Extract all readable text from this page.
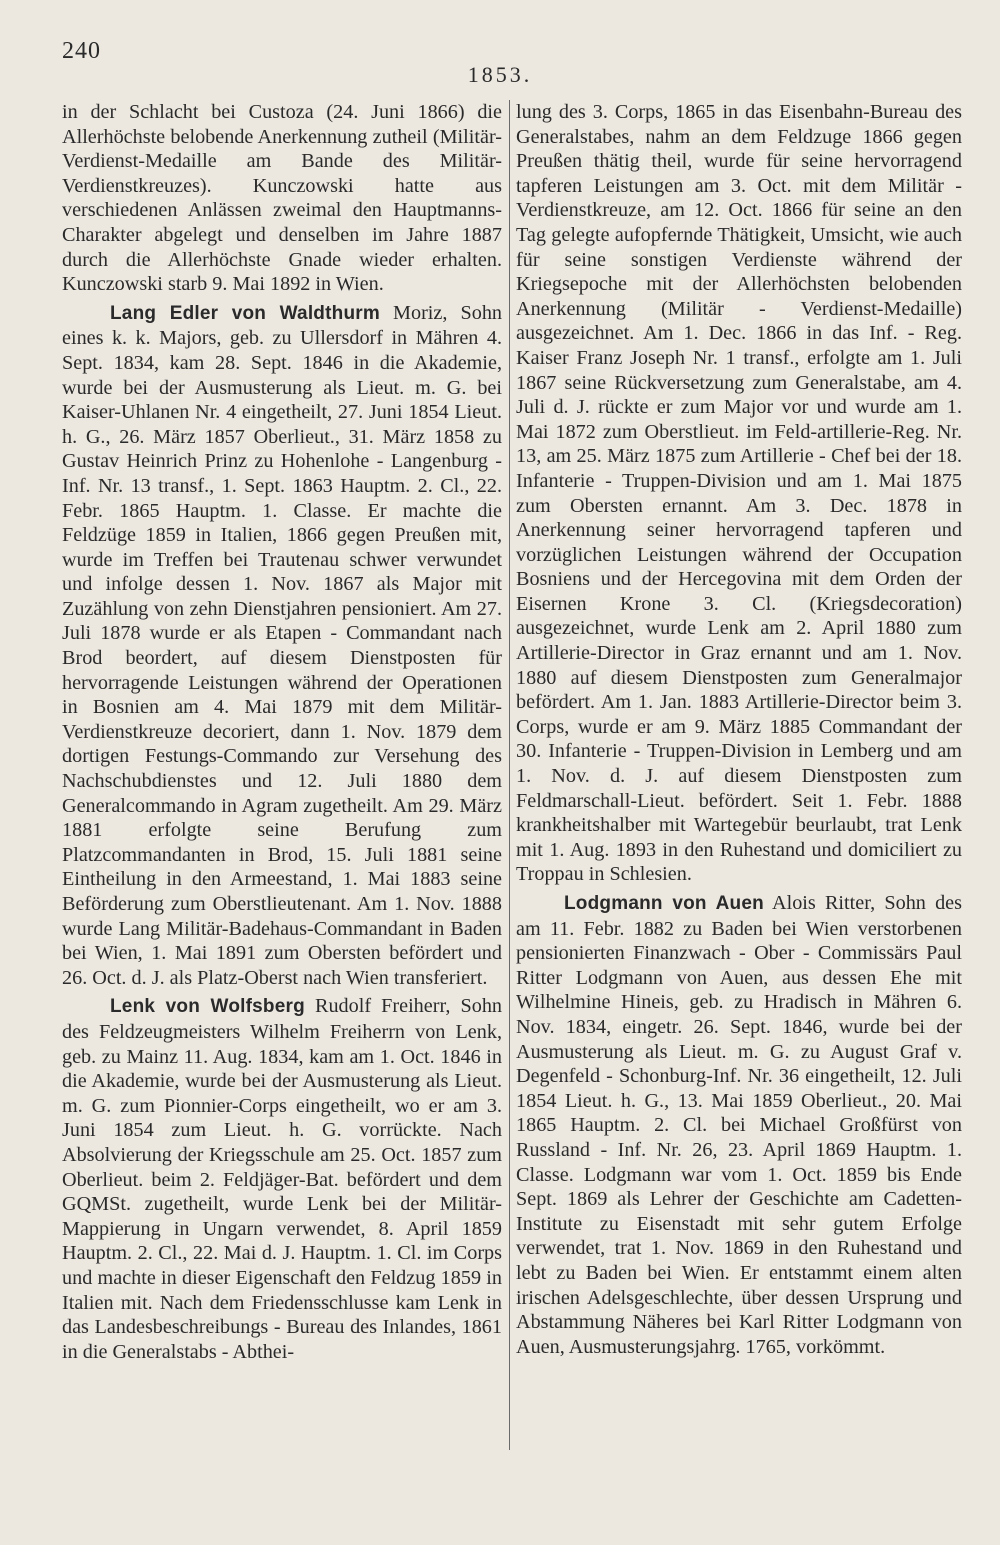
240
1853.

in der Schlacht bei Custoza (24. Juni 1866) die Allerhöchste belobende Anerkennung zutheil (Militär-Verdienst-Medaille am Bande des Militär-Verdienstkreuzes). Kunczowski hatte aus verschiedenen Anlässen zweimal den Hauptmanns-Charakter abgelegt und denselben im Jahre 1887 durch die Allerhöchste Gnade wieder erhalten. Kunczowski starb 9. Mai 1892 in Wien.

Lang Edler von Waldthurm Moriz, Sohn eines k. k. Majors, geb. zu Ullersdorf in Mähren 4. Sept. 1834, kam 28. Sept. 1846 in die Akademie, wurde bei der Ausmusterung als Lieut. m. G. bei Kaiser-Uhlanen Nr. 4 eingetheilt, 27. Juni 1854 Lieut. h. G., 26. März 1857 Oberlieut., 31. März 1858 zu Gustav Heinrich Prinz zu Hohenlohe - Langenburg - Inf. Nr. 13 transf., 1. Sept. 1863 Hauptm. 2. Cl., 22. Febr. 1865 Hauptm. 1. Classe. Er machte die Feldzüge 1859 in Italien, 1866 gegen Preußen mit, wurde im Treffen bei Trautenau schwer verwundet und infolge dessen 1. Nov. 1867 als Major mit Zuzählung von zehn Dienstjahren pensioniert. Am 27. Juli 1878 wurde er als Etapen - Commandant nach Brod beordert, auf diesem Dienstposten für hervorragende Leistungen während der Operationen in Bosnien am 4. Mai 1879 mit dem Militär-Verdienstkreuze decoriert, dann 1. Nov. 1879 dem dortigen Festungs-Commando zur Versehung des Nachschubdienstes und 12. Juli 1880 dem Generalcommando in Agram zugetheilt. Am 29. März 1881 erfolgte seine Berufung zum Platzcommandanten in Brod, 15. Juli 1881 seine Eintheilung in den Armeestand, 1. Mai 1883 seine Beförderung zum Oberstlieutenant. Am 1. Nov. 1888 wurde Lang Militär-Badehaus-Commandant in Baden bei Wien, 1. Mai 1891 zum Obersten befördert und 26. Oct. d. J. als Platz-Oberst nach Wien transferiert.

Lenk von Wolfsberg Rudolf Freiherr, Sohn des Feldzeugmeisters Wilhelm Freiherrn von Lenk, geb. zu Mainz 11. Aug. 1834, kam am 1. Oct. 1846 in die Akademie, wurde bei der Ausmusterung als Lieut. m. G. zum Pionnier-Corps eingetheilt, wo er am 3. Juni 1854 zum Lieut. h. G. vorrückte. Nach Absolvierung der Kriegsschule am 25. Oct. 1857 zum Oberlieut. beim 2. Feldjäger-Bat. befördert und dem GQMSt. zugetheilt, wurde Lenk bei der Militär-Mappierung in Ungarn verwendet, 8. April 1859 Hauptm. 2. Cl., 22. Mai d. J. Hauptm. 1. Cl. im Corps und machte in dieser Eigenschaft den Feldzug 1859 in Italien mit. Nach dem Friedensschlusse kam Lenk in das Landesbeschreibungs - Bureau des Inlandes, 1861 in die Generalstabs - Abthei-

lung des 3. Corps, 1865 in das Eisenbahn-Bureau des Generalstabes, nahm an dem Feldzuge 1866 gegen Preußen thätig theil, wurde für seine hervorragend tapferen Leistungen am 3. Oct. mit dem Militär - Verdienstkreuze, am 12. Oct. 1866 für seine an den Tag gelegte aufopfernde Thätigkeit, Umsicht, wie auch für seine sonstigen Verdienste während der Kriegsepoche mit der Allerhöchsten belobenden Anerkennung (Militär - Verdienst-Medaille) ausgezeichnet. Am 1. Dec. 1866 in das Inf. - Reg. Kaiser Franz Joseph Nr. 1 transf., erfolgte am 1. Juli 1867 seine Rückversetzung zum Generalstabe, am 4. Juli d. J. rückte er zum Major vor und wurde am 1. Mai 1872 zum Oberstlieut. im Feld-artillerie-Reg. Nr. 13, am 25. März 1875 zum Artillerie - Chef bei der 18. Infanterie - Truppen-Division und am 1. Mai 1875 zum Obersten ernannt. Am 3. Dec. 1878 in Anerkennung seiner hervorragend tapferen und vorzüglichen Leistungen während der Occupation Bosniens und der Hercegovina mit dem Orden der Eisernen Krone 3. Cl. (Kriegsdecoration) ausgezeichnet, wurde Lenk am 2. April 1880 zum Artillerie-Director in Graz ernannt und am 1. Nov. 1880 auf diesem Dienstposten zum Generalmajor befördert. Am 1. Jan. 1883 Artillerie-Director beim 3. Corps, wurde er am 9. März 1885 Commandant der 30. Infanterie - Truppen-Division in Lemberg und am 1. Nov. d. J. auf diesem Dienstposten zum Feldmarschall-Lieut. befördert. Seit 1. Febr. 1888 krankheitshalber mit Wartegebür beurlaubt, trat Lenk mit 1. Aug. 1893 in den Ruhestand und domiciliert zu Troppau in Schlesien.

Lodgmann von Auen Alois Ritter, Sohn des am 11. Febr. 1882 zu Baden bei Wien verstorbenen pensionierten Finanzwach - Ober - Commissärs Paul Ritter Lodgmann von Auen, aus dessen Ehe mit Wilhelmine Hineis, geb. zu Hradisch in Mähren 6. Nov. 1834, eingetr. 26. Sept. 1846, wurde bei der Ausmusterung als Lieut. m. G. zu August Graf v. Degenfeld - Schonburg-Inf. Nr. 36 eingetheilt, 12. Juli 1854 Lieut. h. G., 13. Mai 1859 Oberlieut., 20. Mai 1865 Hauptm. 2. Cl. bei Michael Großfürst von Russland - Inf. Nr. 26, 23. April 1869 Hauptm. 1. Classe. Lodgmann war vom 1. Oct. 1859 bis Ende Sept. 1869 als Lehrer der Geschichte am Cadetten-Institute zu Eisenstadt mit sehr gutem Erfolge verwendet, trat 1. Nov. 1869 in den Ruhestand und lebt zu Baden bei Wien. Er entstammt einem alten irischen Adelsgeschlechte, über dessen Ursprung und Abstammung Näheres bei Karl Ritter Lodgmann von Auen, Ausmusterungsjahrg. 1765, vorkömmt.
